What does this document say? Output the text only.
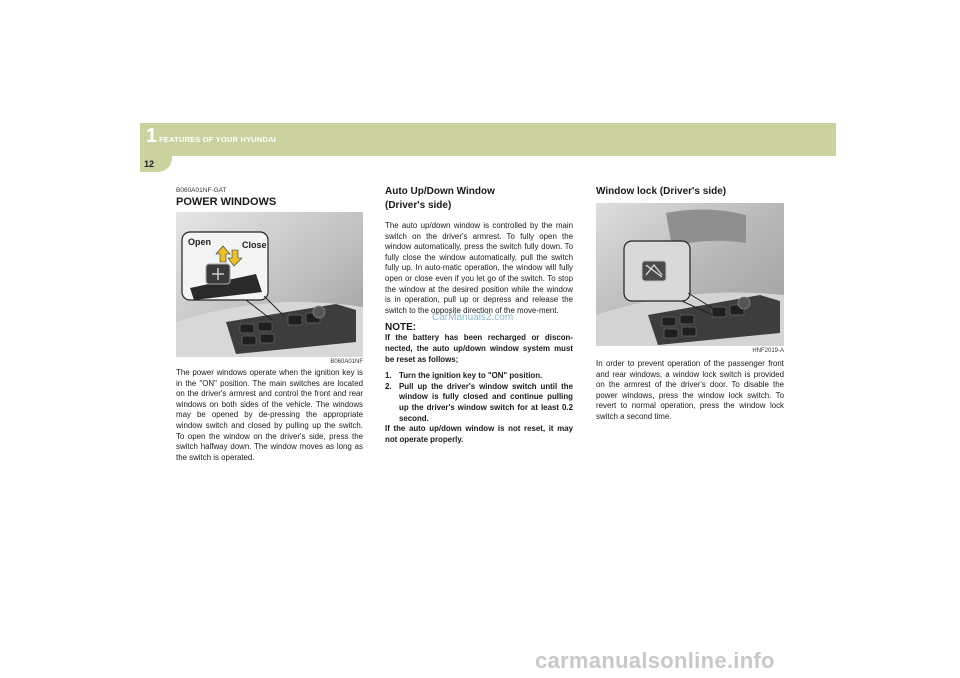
1 FEATURES OF YOUR HYUNDAI
12
B060A01NF-GAT
POWER WINDOWS
Open	Close
B060A01NF

The power windows operate when the ignition key is in the "ON" position. The main switches are located on the driver's armrest and control the front and rear windows on both sides of the vehicle. The windows may be opened by de-pressing the appropriate window switch and closed by pulling up the switch. To open the window on the driver's side, press the switch halfway down. The window moves as long as the switch is operated.

Auto Up/Down Window
(Driver's side)

The auto up/down window is controlled by the main switch on the driver's armrest. To fully open the window automatically, press the switch fully down. To fully close the window automatically, pull the switch fully up. In auto-matic operation, the window will fully open or close even if you let go of the switch. To stop the window at the desired position while the window is in operation, pull up or depress and release the switch to the opposite direction of the move-ment.

NOTE:

If the battery has been recharged or discon-nected, the auto up/down window system must be reset as follows;

1. Turn the ignition key to "ON" position.
2. Pull up the driver's window switch until the window is fully closed and continue pulling up the driver's window switch for at least 0.2 second.

If the auto up/down window is not reset, it may not operate properly.

Window lock (Driver's side)
HNF2019-A

In order to prevent operation of the passenger front and rear windows, a window lock switch is provided on the armrest of the driver's door. To disable the power windows, press the window lock switch. To revert to normal operation, press the window lock switch a second time.

CarManuals2.com
carmanualsonline.info
